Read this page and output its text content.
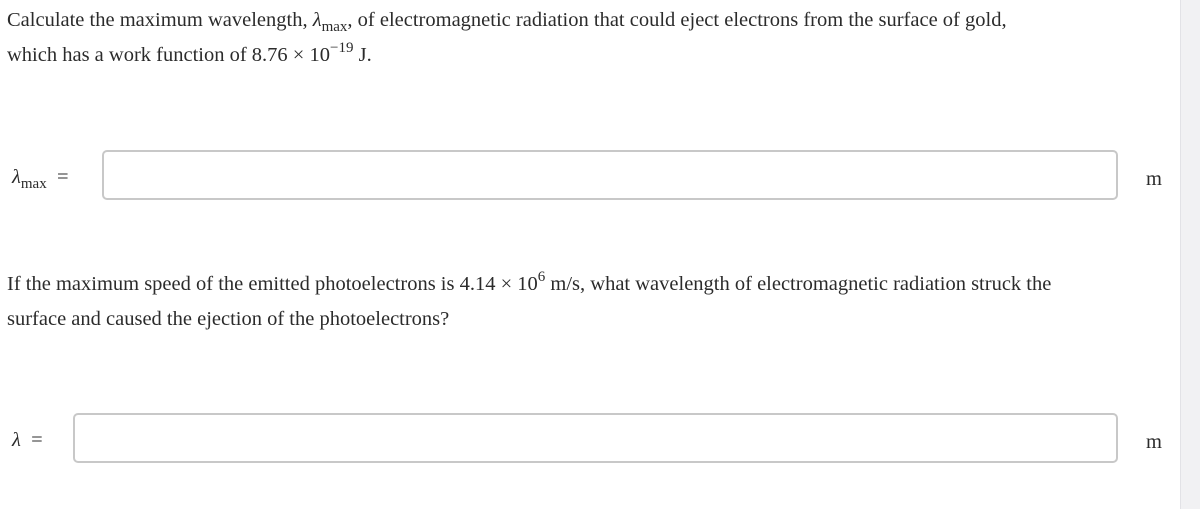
Calculate the maximum wavelength, $\lambda_{max}$, of electromagnetic radiation that could eject electrons from the surface of gold,
which has a work function of $8.76 \times 10^{-19}$ J.

$\lambda_{max}$ =	m

If the maximum speed of the emitted photoelectrons is $4.14 \times 10^6$ m/s, what wavelength of electromagnetic radiation struck the
surface and caused the ejection of the photoelectrons?

λ =	m
